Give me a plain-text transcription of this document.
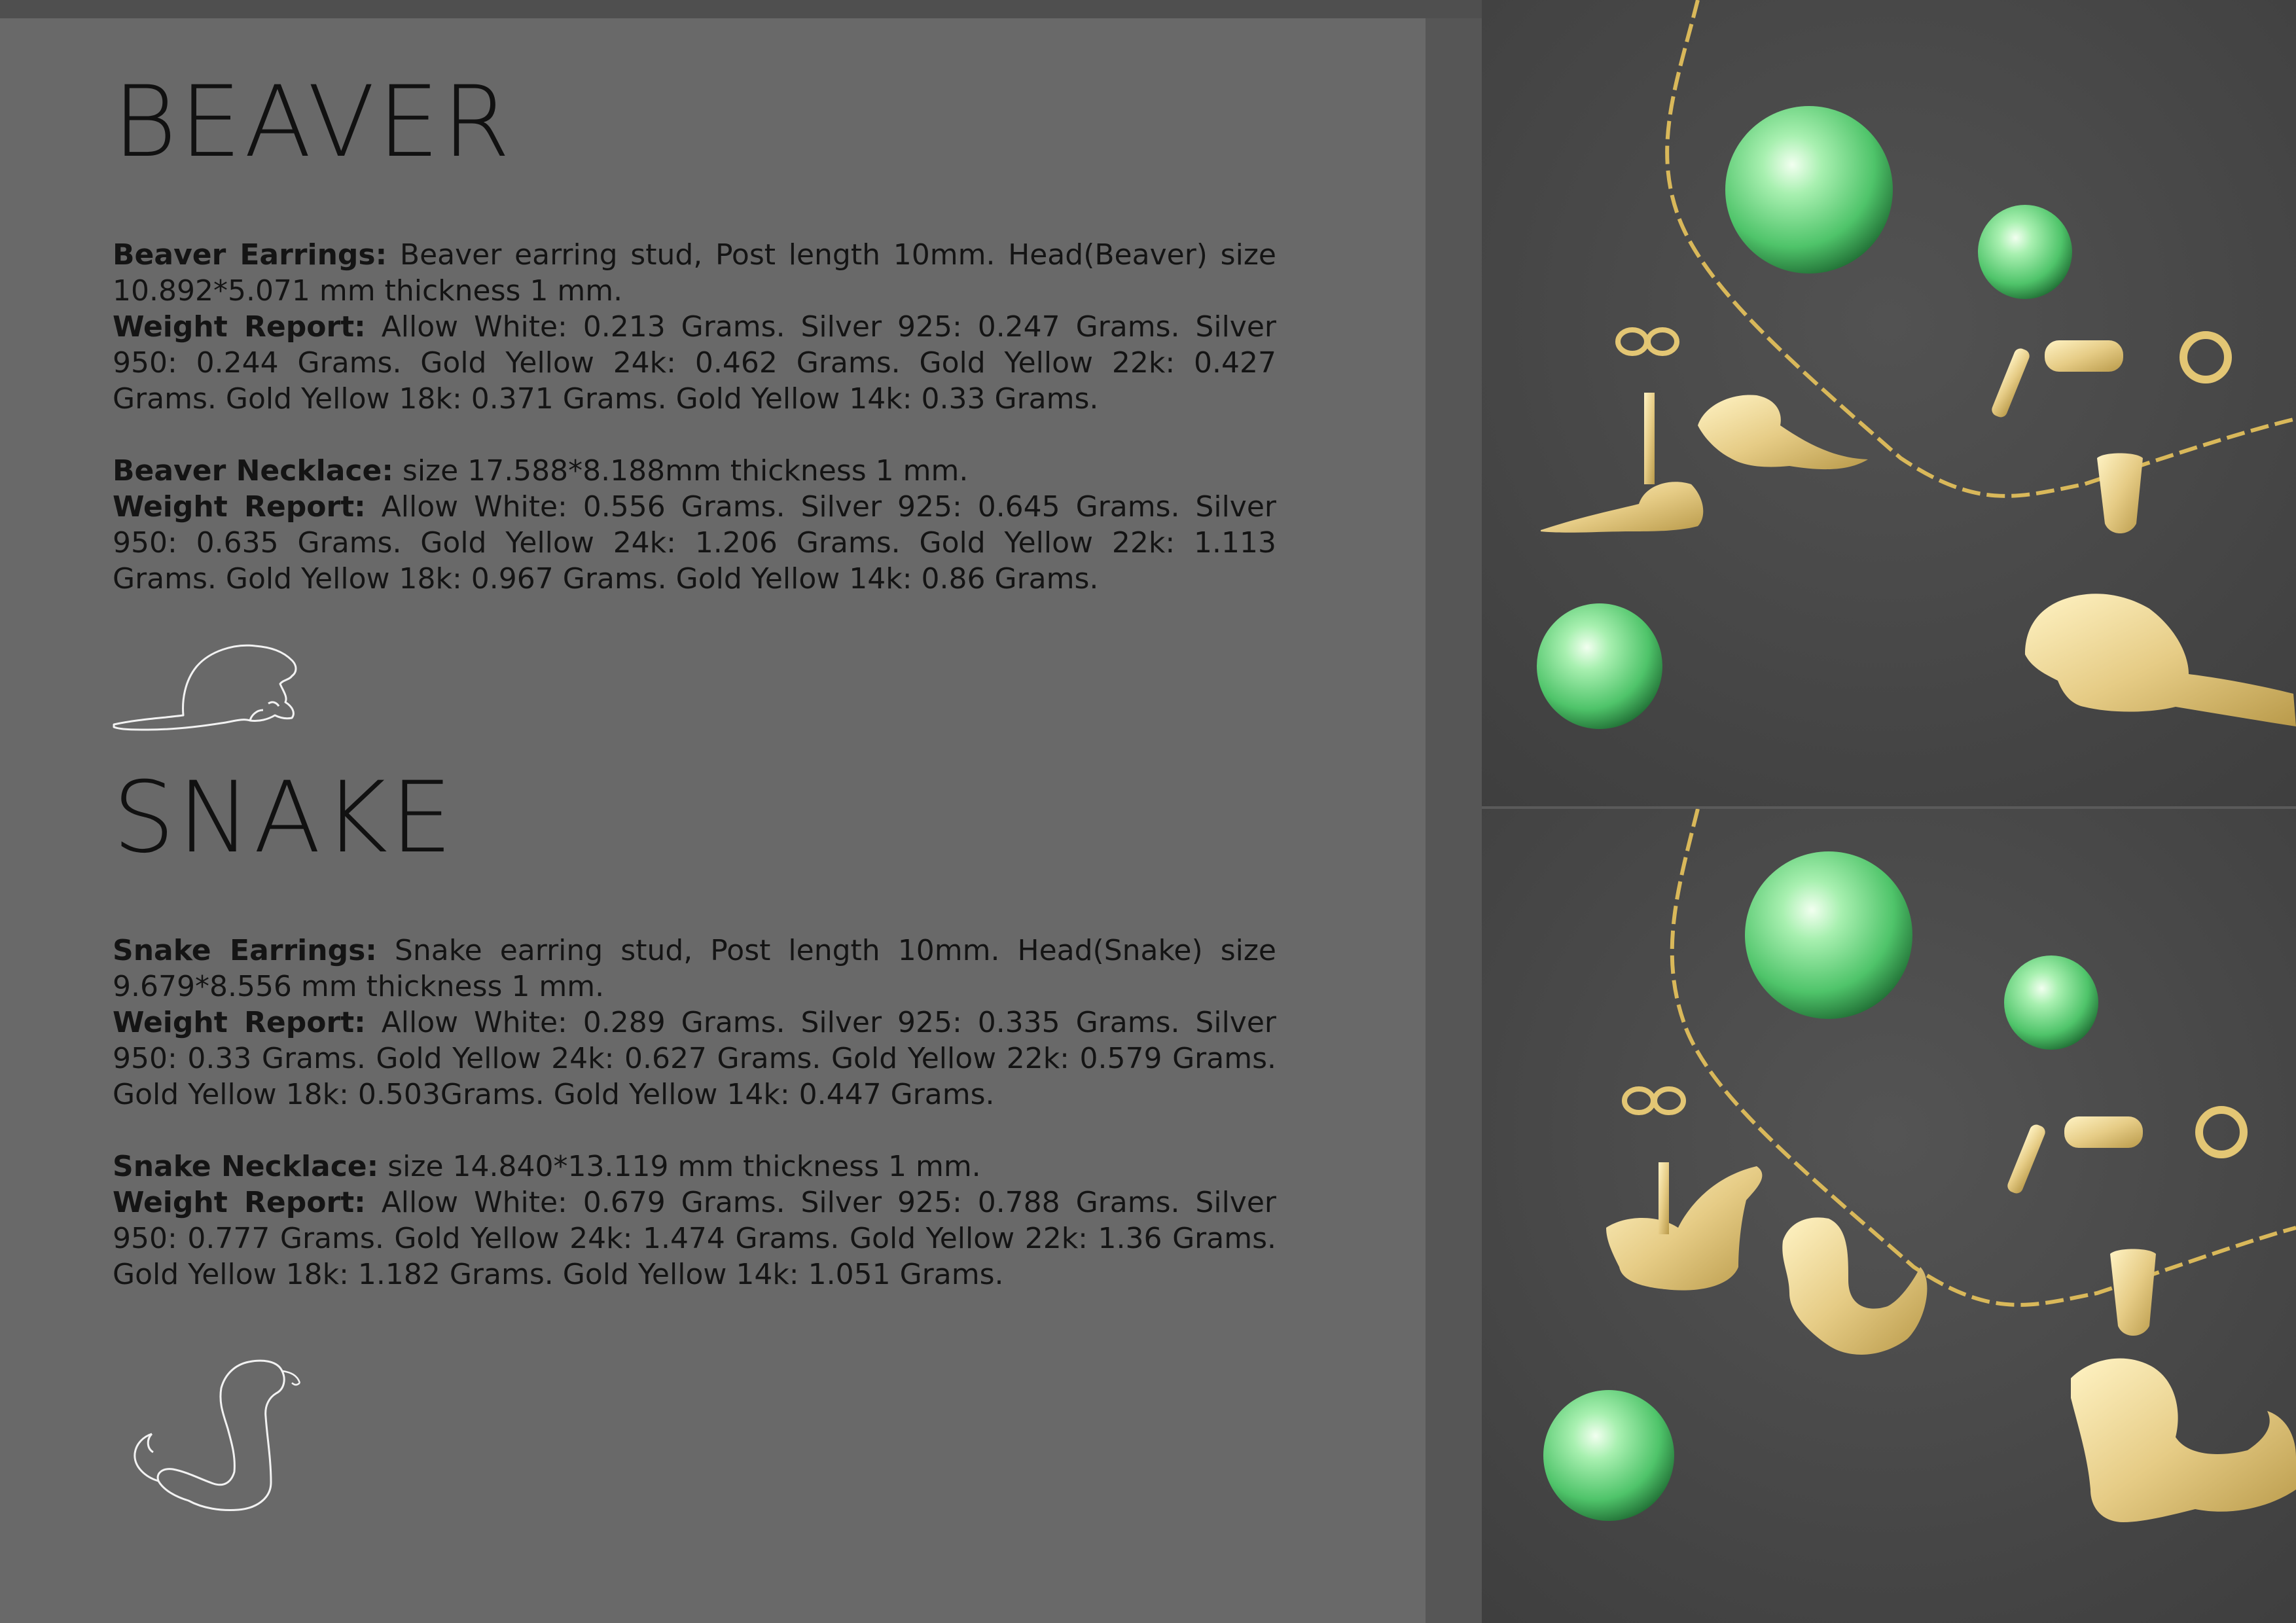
BEAVER

Beaver Earrings: Beaver earring stud, Post length 10mm. Head(Beaver) size 10.892*5.071 mm thickness 1 mm.

Weight Report: Allow White: 0.213 Grams. Silver 925: 0.247 Grams. Silver 950: 0.244 Grams. Gold Yellow 24k: 0.462 Grams. Gold Yellow 22k: 0.427 Grams. Gold Yellow 18k: 0.371 Grams. Gold Yellow 14k: 0.33 Grams.

Beaver Necklace: size 17.588*8.188mm thickness 1 mm.

Weight Report: Allow White: 0.556 Grams. Silver 925: 0.645 Grams. Silver 950: 0.635 Grams. Gold Yellow 24k: 1.206 Grams. Gold Yellow 22k: 1.113 Grams. Gold Yellow 18k: 0.967 Grams. Gold Yellow 14k: 0.86 Grams.

SNAKE

Snake Earrings: Snake earring stud, Post length 10mm. Head(Snake) size 9.679*8.556 mm thickness 1 mm.

Weight Report: Allow White: 0.289 Grams. Silver 925: 0.335 Grams. Silver 950: 0.33 Grams. Gold Yellow 24k: 0.627 Grams. Gold Yellow 22k: 0.579 Grams. Gold Yellow 18k: 0.503Grams. Gold Yellow 14k: 0.447 Grams.

Snake Necklace: size 14.840*13.119 mm thickness 1 mm.

Weight Report: Allow White: 0.679 Grams. Silver 925: 0.788 Grams. Silver 950: 0.777 Grams. Gold Yellow 24k: 1.474 Grams. Gold Yellow 22k: 1.36 Grams. Gold Yellow 18k: 1.182 Grams. Gold Yellow 14k: 1.051 Grams.
